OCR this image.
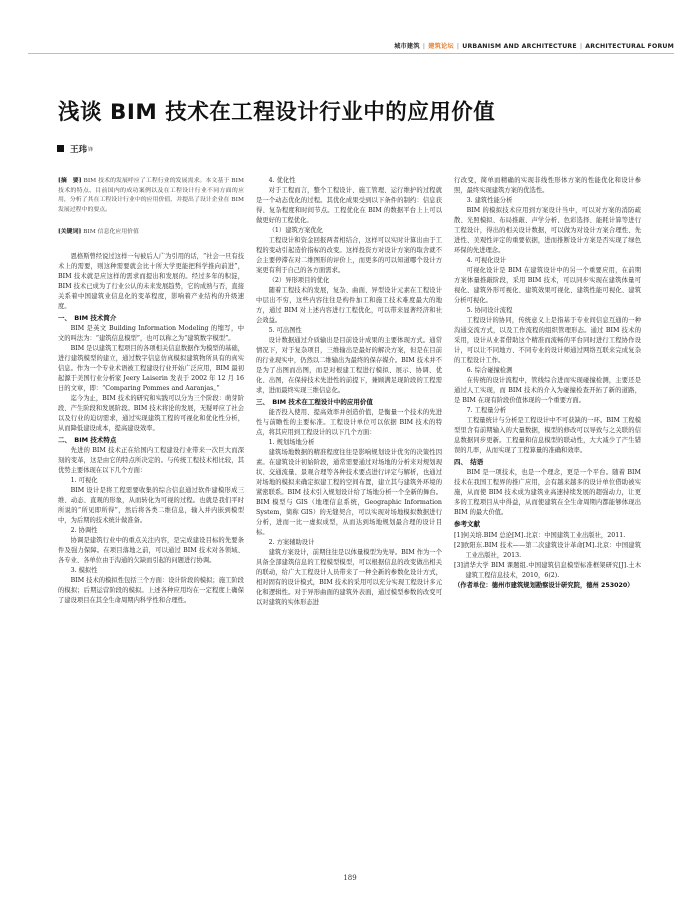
城市建筑 | 建筑论坛 | URBANISM AND ARCHITECTURE | ARCHITECTURAL FORUM
浅谈 BIM 技术在工程设计行业中的应用价值
王玮$^锋$

[摘　要] BIM 技术的发展呼应了工程行业的发展需求。本文基于 BIM 技术的特点、目前国内的成功案例以及在工程设计行业不同方面的应用，分析了其在工程设计行业中的应用价值，并提出了设计企业在 BIM 发展过程中的要点。

[关键词] BIM 信息化应用价值

恩格斯曾经说过这样一句被后人广为引用的话，“社会一旦有技术上的需要，则这种需要就会比十所大学更能把科学推向前进”，BIM 技术就是应这样的需求而提出和发展的。经过多年的积淀，BIM 技术已成为了行业公认的未来发展趋势，它的成熟与否，直接关系着中国建筑业信息化的变革程度，影响着产业结构的升级速度。

一、　BIM 技术简介

BIM 是英文 Building Information Modeling 的缩写，中文的叫法为：“建筑信息模型”，也可以称之为“建筑数字模型”。

BIM 是以建筑工程项目的各项相关信息数据作为模型的基础，进行建筑模型的建立，通过数字信息仿真模拟建筑物所具有的真实信息。作为一个专业术语被工程建设行业开始广泛应用，BIM 最初起源于美国行业分析家 Jeery Laiserin 发表于 2002 年 12 月 16 日的文章，即：“Comparing Pommes and Aaranjas。”

迄今为止，BIM 技术的研究和实践可以分为三个阶段：萌芽阶段、产生阶段和发展阶段。BIM 技术将论的发展，无疑呼应了社会以及行业的迫切需求，通过实现建筑工程的可视化和优化性分析，从而降低建设成本，提高建设效率。

二、　BIM 技术特点

先进的 BIM 技术正在给国内工程建设行业带来一次巨大而深刻的变革，这是由它的特点所决定的。与传统工程技术相比较，其优势主要体现在以下几个方面：

1. 可视化

BIM 设计是将工程需要收集的综合信息通过软件建模形成三维、动态、直观的形象，从而转化为可视的过程。也就是我们平时所说的“所见即所得”，然后将各类二维信息，输入并内嵌到模型中，为后期的技术统计做准备。

2. 协调性

协调是建筑行业中的重点关注内容，是完成建设目标的先要条件及强力保障。在项目落地之前，可以通过 BIM 技术对各领域、各专业、各单位由于沟通的欠缺而引起的问题进行协调。

3. 模拟性

BIM 技术的模拟性包括三个方面：设计阶段的模拟；施工阶段的模拟；后期运营阶段的模拟。上述各种应用均在一定程度上确保了建设项目在其全生命周期内科学性和合理性。

4. 优化性

对于工程而言，整个工程设计、施工管理、运行维护的过程就是一个动态优化的过程。其优化成果受到以下条件的制约：信息获得、复杂程度和时间节点。工程优化在 BIM 的数据平台上上可以做更好的工程优化。

（1）建筑方案优化

工程设计和资金回报两者相结合，这样可以实时计算出由于工程的变动引起造价指标的改变。这样投资方对设计方案的取舍就不会主要停滞在对二维图形的评价上，而更多的可以知道哪个设计方案更有利于自己的各方面需求。

（2）异形项目的优化

随着工程技术的发展，复杂、曲面、异型设计元素在工程设计中层出不穷，这些内容往往是构件加工和施工技术难度最大的地方，通过 BIM 对上述内容进行工程优化，可以带来显著经济和社会效益。

5. 可出图性

设计数据通过介质输出是目前设计成果的主要体现方式。通常情况下，对于复杂项目，三维输出是最好的解决方案，但是在目前的行业现实中，仍然以二维输出为最终的保存媒介。BIM 技术并不是为了出图而出图，而是对根建工程进行模拟、展示、协调、优化、出图，在保持技术先进性的前提下，兼顾满足现阶段的工程需求，进而最终实现三维信息化。

三、　BIM 技术在工程设计中的应用价值

能否投入使用、提高效率并创造价值，是衡量一个技术的先进性与前瞻性的主要标准。工程设计单位可以依据 BIM 技术的特点，将其应用到工程设计的以下几个方面：

1. 规划场地分析

建筑场地数据的精准程度往往是影响规划设计优劣的决策性因素。在建筑设计初始阶段，通常需要通过对场地的分析来对规划现状、交通流量、景观合理等各种技术要点进行评定与解析，也通过对场地的模拟来确定拟建工程的空间布置，建立其与建筑外环境的紧密联系。BIM 技术引入规划设计给了场地分析一个全新的舞台。BIM 模型与 GIS（地理信息系统，Geographic Information System，简称 GIS）的无缝契合，可以实现对场地模拟数据进行分析，进而一比一虚拟成型，从而达到场地规划最合理的设计目标。

2. 方案辅助设计

建筑方案设计，前期往往是以体量模型为先导。BIM 作为一个具备全部建筑信息的工程模型模型，可以根据信息的改变做出相关的联动，给广大工程设计人员带来了一种全新的参数化设计方式，相对固有的设计模式，BIM 技术的采用可以充分实现工程设计多元化和逻辑性。对于异形曲面的建筑外表面，通过模型参数的改变可以对建筑的实体形态进

行改变，简单而精确的实现非线性形体方案的性能优化和设计参照，最终实现建筑方案的优选性。

3. 建筑性能分析

BIM 的模拟技术应用到方案设计当中，可以对方案的消防疏散、光照模拟、布局推敲、声学分析、色彩选择、能耗计算等进行工程设计，得出的相关设计数据，可以做为对设计方案合理性、先进性、美观性评定的重要依据，进而推断设计方案是否实现了绿色环保的先进理念。

4. 可视化设计

可视化设计是 BIM 在建筑设计中的另一个重要应用，在前期方案体量推敲阶段，采用 BIM 技术，可以同步实现在建筑体量可视化、建筑外形可视化、建筑效果可视化、建筑性能可视化、建筑分析可视化。

5. 协同设计流程

工程设计的协同，传统意义上是指基于专业间信息互通的一种沟通交流方式，以及工作流程的组织管理形态。通过 BIM 技术的采用，设计从业者借助这个精准而流畅的平台同时进行工程协作设计，可以让不同地方、不同专业的设计师通过网络互联来完成复杂的工程设计工作。

6. 综合碰撞检测

在传统的设计流程中，管线综合进而实现碰撞检测，主要还是通过人工实现，而 BIM 技术的介入为碰撞检查开拓了新的道路，是 BIM 在现有阶段价值体现的一个重要方面。

7. 工程量分析

工程量统计与分析是工程设计中不可获缺的一环。BIM 工程模型里含有前期输入的大量数据，模型的修改可以导致与之关联的信息数据同步更新。工程量和信息模型的联动性，大大减少了产生错误的几率，从而实现了工程算量的准确和效率。

四、　结语

BIM 是一项技术，也是一个理念，更是一个平台。随着 BIM 技术在我国工程界的推广应用，会有越来越多的设计单位借助被实施，从而使 BIM 技术成为建筑业高速持续发展的超强动力，让更多的工程项目从中得益，从而使建筑在全生命周期内都能够体现出 BIM 的最大价值。

参考文献

[1]何关培.BIM 总论[M].北京：中国建筑工业出版社，2011.

[2]欧阳东.BIM 技术——第二次建筑设计革命[M].北京：中国建筑工业出版社，2013.

[3]清华大学 BIM 课题组.中国建筑信息模型标准框架研究[J].土木建筑工程信息技术，2010，6(2).

（作者单位：德州市建筑规划勘察设计研究院，德州 253020）

189
